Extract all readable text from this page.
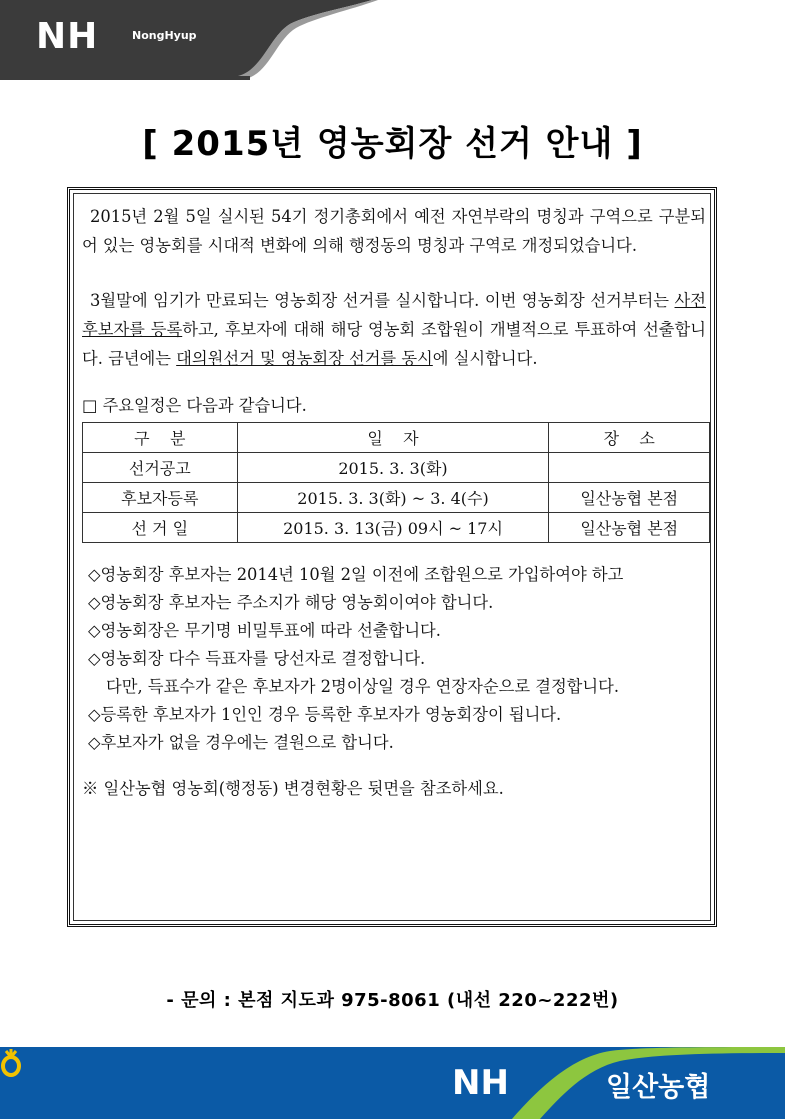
NH	NongHyup
[ 2015년 영농회장 선거 안내 ]

2015년 2월 5일 실시된 54기 정기총회에서 예전 자연부락의 명칭과 구역으로 구분되어 있는 영농회를 시대적 변화에 의해 행정동의 명칭과 구역로 개정되었습니다.

3월말에 임기가 만료되는 영농회장 선거를 실시합니다. 이번 영농회장 선거부터는 사전 후보자를 등록하고, 후보자에 대해 해당 영농회 조합원이 개별적으로 투표하여 선출합니다. 금년에는 대의원선거 및 영농회장 선거를 동시에 실시합니다.

□ 주요일정은 다음과 같습니다.

구    분	일    자	장    소
선거공고	2015. 3. 3(화)	
후보자등록	2015. 3. 3(화) ~ 3. 4(수)	일산농협 본점
선 거 일	2015. 3. 13(금) 09시 ~ 17시	일산농협 본점

◇영농회장 후보자는 2014년 10월 2일 이전에 조합원으로 가입하여야 하고

◇영농회장 후보자는 주소지가 해당 영농회이여야 합니다.

◇영농회장은 무기명 비밀투표에 따라 선출합니다.

◇영농회장 다수 득표자를 당선자로 결정합니다.

다만, 득표수가 같은 후보자가 2명이상일 경우 연장자순으로 결정합니다.

◇등록한 후보자가 1인인 경우 등록한 후보자가 영농회장이 됩니다.

◇후보자가 없을 경우에는 결원으로 합니다.

※ 일산농협 영농회(행정동) 변경현황은 뒷면을 참조하세요.

- 문의 : 본점 지도과 975-8061 (내선 220~222번)
NH	일산농협
